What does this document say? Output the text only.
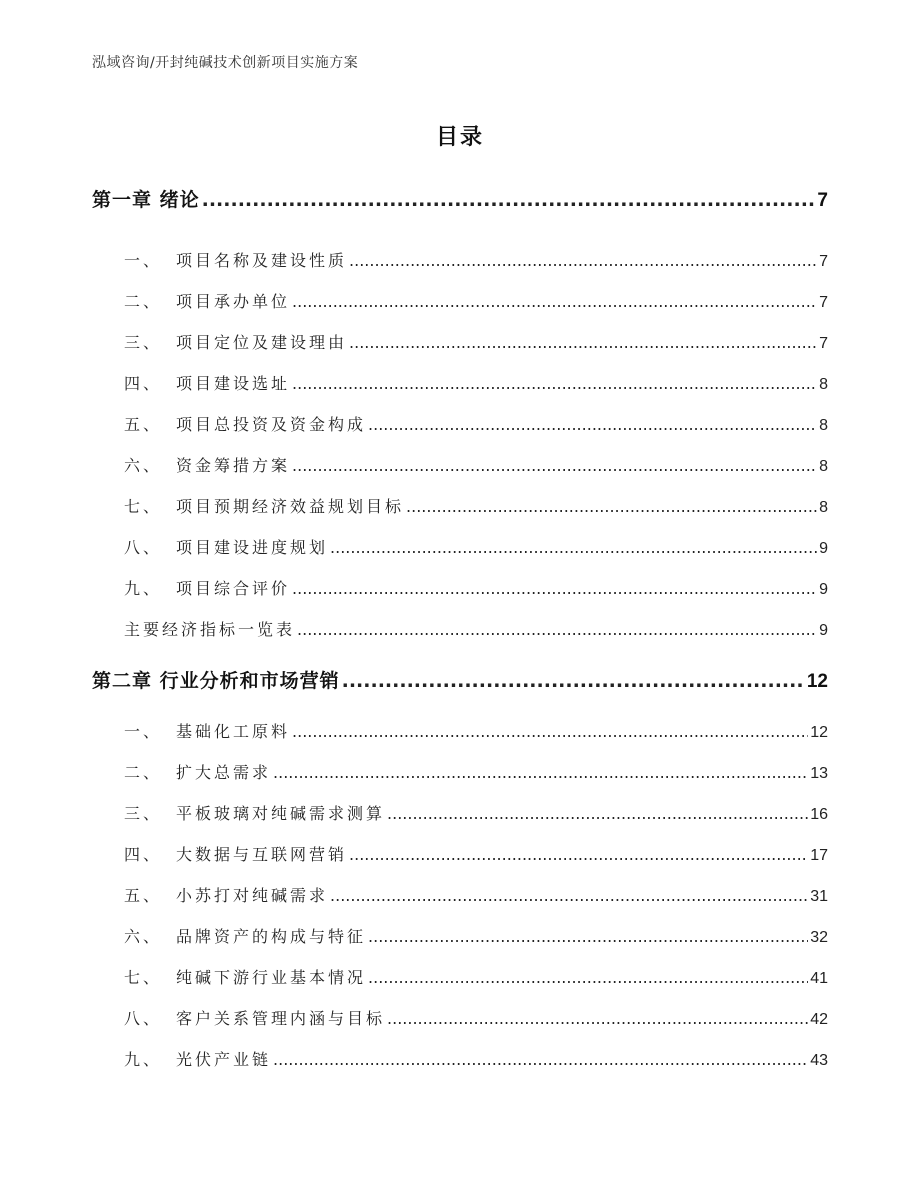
泓域咨询/开封纯碱技术创新项目实施方案
目录
第一章 绪论 .....	7
一、 项目名称及建设性质 .....	7
二、 项目承办单位 .....	7
三、 项目定位及建设理由 .....	7
四、 项目建设选址 .....	8
五、 项目总投资及资金构成 .....	8
六、 资金筹措方案 .....	8
七、 项目预期经济效益规划目标 .....	8
八、 项目建设进度规划 .....	9
九、 项目综合评价 .....	9
主要经济指标一览表 .....	9
第二章 行业分析和市场营销 .....	12
一、 基础化工原料 .....	12
二、 扩大总需求 .....	13
三、 平板玻璃对纯碱需求测算 .....	16
四、 大数据与互联网营销 .....	17
五、 小苏打对纯碱需求 .....	31
六、 品牌资产的构成与特征 .....	32
七、 纯碱下游行业基本情况 .....	41
八、 客户关系管理内涵与目标 .....	42
九、 光伏产业链 .....	43
